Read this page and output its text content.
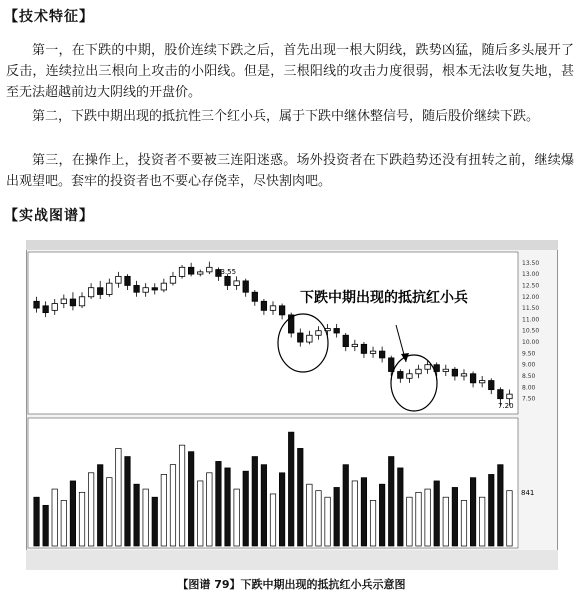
【技术特征】
第一，在下跌的中期，股价连续下跌之后，首先出现一根大阴线，跌势凶猛，随后多头展开了反击，连续拉出三根向上攻击的小阳线。但是，三根阳线的攻击力度很弱，根本无法收复失地，甚至无法超越前边大阴线的开盘价。
第二，下跌中期出现的抵抗性三个红小兵，属于下跌中继休整信号，随后股价继续下跌。
第三，在操作上，投资者不要被三连阳迷惑。场外投资者在下跌趋势还没有扭转之前，继续爆出观望吧。套牢的投资者也不要心存侥幸，尽快割肉吧。
【实战图谱】
13.50
13.00
12.50
12.00
11.50
11.00
10.50
10.00
9.50
9.00
8.50
8.00
7.50
下跌中期出现的抵抗红小兵
13.55
7.20
841
【图谱 79】下跌中期出现的抵抗红小兵示意图
